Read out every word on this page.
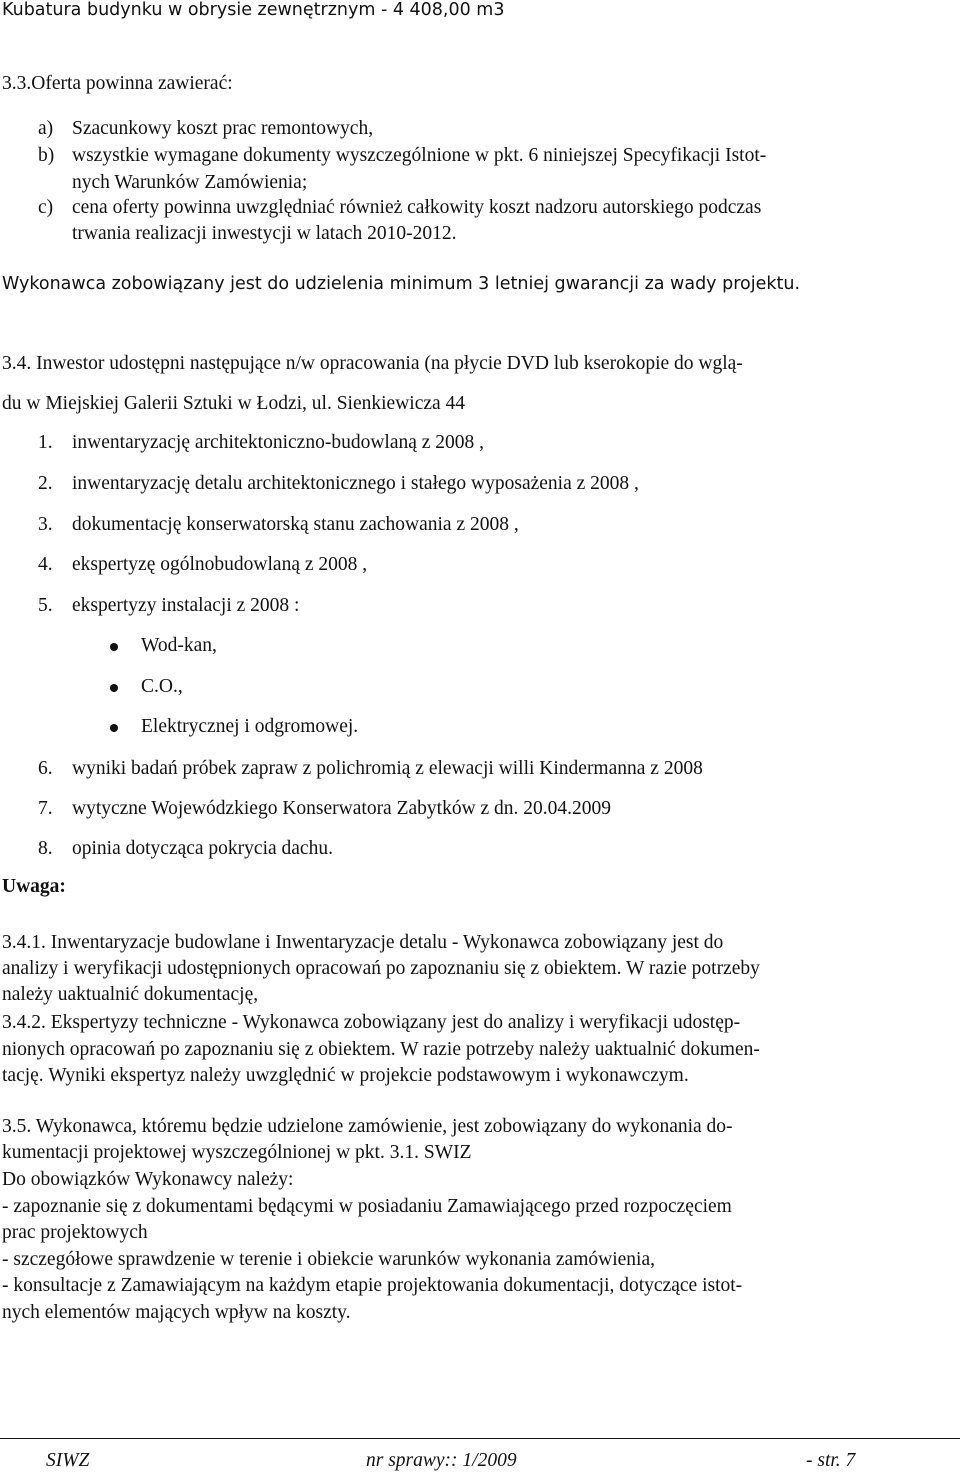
Kubatura budynku w obrysie zewnętrznym - 4 408,00 m3
3.3.Oferta powinna zawierać:
a) Szacunkowy koszt prac remontowych,
b) wszystkie wymagane dokumenty wyszczególnione w pkt. 6 niniejszej Specyfikacji Istot-
nych Warunków Zamówienia;
c) cena oferty powinna uwzględniać również całkowity koszt nadzoru autorskiego podczas
trwania realizacji inwestycji w latach 2010-2012.
Wykonawca zobowiązany jest do udzielenia minimum 3 letniej gwarancji za wady projektu.
3.4. Inwestor udostępni następujące n/w opracowania (na płycie DVD lub kserokopie do wglą-
du w Miejskiej Galerii Sztuki w Łodzi, ul. Sienkiewicza 44
1. inwentaryzację architektoniczno-budowlaną z 2008 ,
2. inwentaryzację detalu architektonicznego i stałego wyposażenia z 2008 ,
3. dokumentację konserwatorską stanu zachowania z 2008 ,
4. ekspertyzę ogólnobudowlaną z 2008 ,
5. ekspertyzy instalacji z 2008 :
Wod-kan,
C.O.,
Elektrycznej i odgromowej.
6. wyniki badań próbek zapraw z polichromią z elewacji willi Kindermanna z 2008
7. wytyczne Wojewódzkiego Konserwatora Zabytków z dn. 20.04.2009
8. opinia dotycząca pokrycia dachu.
Uwaga:
3.4.1. Inwentaryzacje budowlane i Inwentaryzacje detalu - Wykonawca zobowiązany jest do
analizy i weryfikacji udostępnionych opracowań po zapoznaniu się z obiektem. W razie potrzeby
należy uaktualnić dokumentację,
3.4.2. Ekspertyzy techniczne - Wykonawca zobowiązany jest do analizy i weryfikacji udostęp-
nionych opracowań po zapoznaniu się z obiektem. W razie potrzeby należy uaktualnić dokumen-
tację. Wyniki ekspertyz należy uwzględnić w projekcie podstawowym i wykonawczym.
3.5. Wykonawca, któremu będzie udzielone zamówienie, jest zobowiązany do wykonania do-
kumentacji projektowej wyszczególnionej w pkt. 3.1. SWIZ
Do obowiązków Wykonawcy należy:
- zapoznanie się z dokumentami będącymi w posiadaniu Zamawiającego przed rozpoczęciem
prac projektowych
- szczegółowe sprawdzenie w terenie i obiekcie warunków wykonania zamówienia,
- konsultacje z Zamawiającym na każdym etapie projektowania dokumentacji, dotyczące istot-
nych elementów mających wpływ na koszty.
SIWZ	nr sprawy:: 1/2009	- str. 7
